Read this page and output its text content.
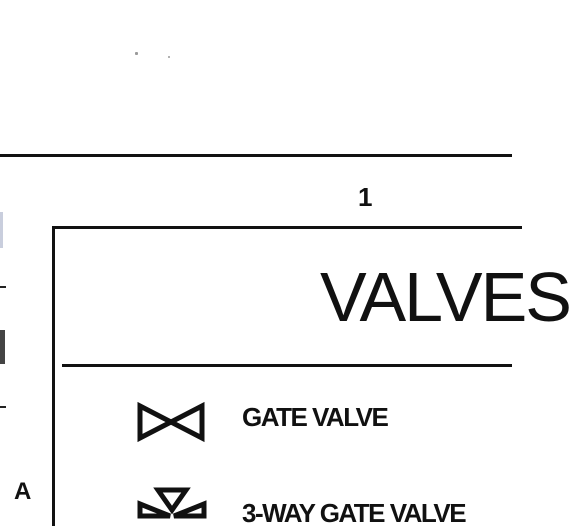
1
A
VALVES
GATE VALVE
3-WAY GATE VALVE
